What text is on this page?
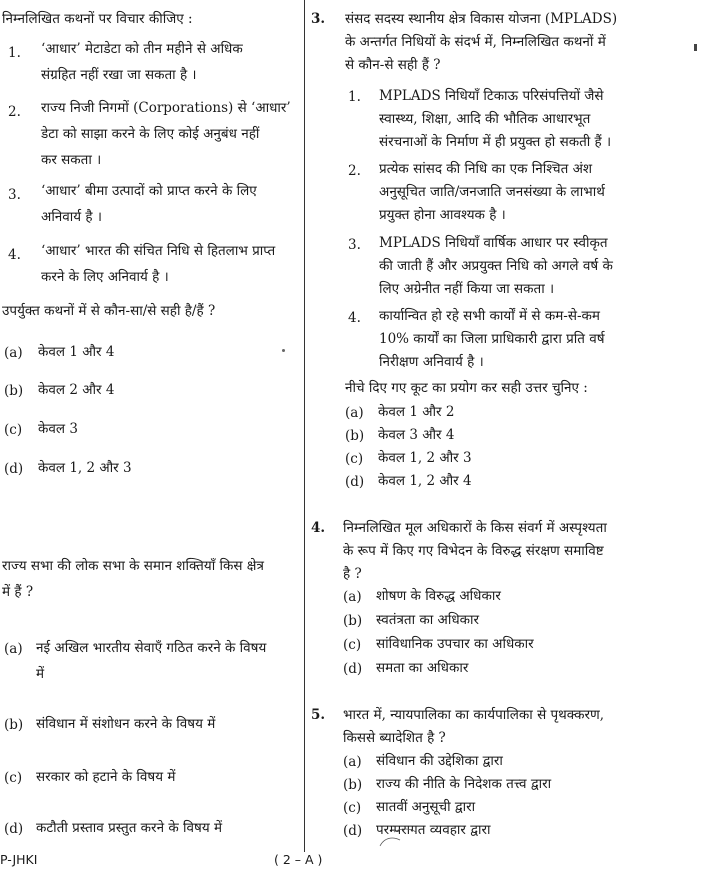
निम्नलिखित कथनों पर विचार कीजिए :
1. ‘आधार’ मेटाडेटा को तीन महीने से अधिक
संग्रहित नहीं रखा जा सकता है ।
2. राज्य निजी निगमों (Corporations) से ‘आधार’
डेटा को साझा करने के लिए कोई अनुबंध नहीं
कर सकता ।
3. ‘आधार’ बीमा उत्पादों को प्राप्त करने के लिए
अनिवार्य है ।
4. ‘आधार’ भारत की संचित निधि से हितलाभ प्राप्त
करने के लिए अनिवार्य है ।
उपर्युक्त कथनों में से कौन-सा/से सही है/हैं ?
(a) केवल 1 और 4
(b) केवल 2 और 4
(c) केवल 3
(d) केवल 1, 2 और 3
राज्य सभा की लोक सभा के समान शक्तियाँ किस क्षेत्र
में हैं ?
(a) नई अखिल भारतीय सेवाएँ गठित करने के विषय
में
(b) संविधान में संशोधन करने के विषय में
(c) सरकार को हटाने के विषय में
(d) कटौती प्रस्ताव प्रस्तुत करने के विषय में
3. संसद सदस्य स्थानीय क्षेत्र विकास योजना (MPLADS)
के अन्तर्गत निधियों के संदर्भ में, निम्नलिखित कथनों में
से कौन-से सही हैं ?
1. MPLADS निधियाँ टिकाऊ परिसंपत्तियों जैसे
स्वास्थ्य, शिक्षा, आदि की भौतिक आधारभूत
संरचनाओं के निर्माण में ही प्रयुक्त हो सकती हैं ।
2. प्रत्येक सांसद की निधि का एक निश्चित अंश
अनुसूचित जाति/जनजाति जनसंख्या के लाभार्थ
प्रयुक्त होना आवश्यक है ।
3. MPLADS निधियाँ वार्षिक आधार पर स्वीकृत
की जाती हैं और अप्रयुक्त निधि को अगले वर्ष के
लिए अग्रेनीत नहीं किया जा सकता ।
4. कार्यान्वित हो रहे सभी कार्यों में से कम-से-कम
10% कार्यों का जिला प्राधिकारी द्वारा प्रति वर्ष
निरीक्षण अनिवार्य है ।
नीचे दिए गए कूट का प्रयोग कर सही उत्तर चुनिए :
(a) केवल 1 और 2
(b) केवल 3 और 4
(c) केवल 1, 2 और 3
(d) केवल 1, 2 और 4
4. निम्नलिखित मूल अधिकारों के किस संवर्ग में अस्पृश्यता
के रूप में किए गए विभेदन के विरुद्ध संरक्षण समाविष्ट
है ?
(a) शोषण के विरुद्ध अधिकार
(b) स्वतंत्रता का अधिकार
(c) सांविधानिक उपचार का अधिकार
(d) समता का अधिकार
5. भारत में, न्यायपालिका का कार्यपालिका से पृथक्करण,
किससे ब्यादेशित है ?
(a) संविधान की उद्देशिका द्वारा
(b) राज्य की नीति के निदेशक तत्त्व द्वारा
(c) सातवीं अनुसूची द्वारा
(d) परम्परागत व्यवहार द्वारा
P-JHKI	( 2 – A )
